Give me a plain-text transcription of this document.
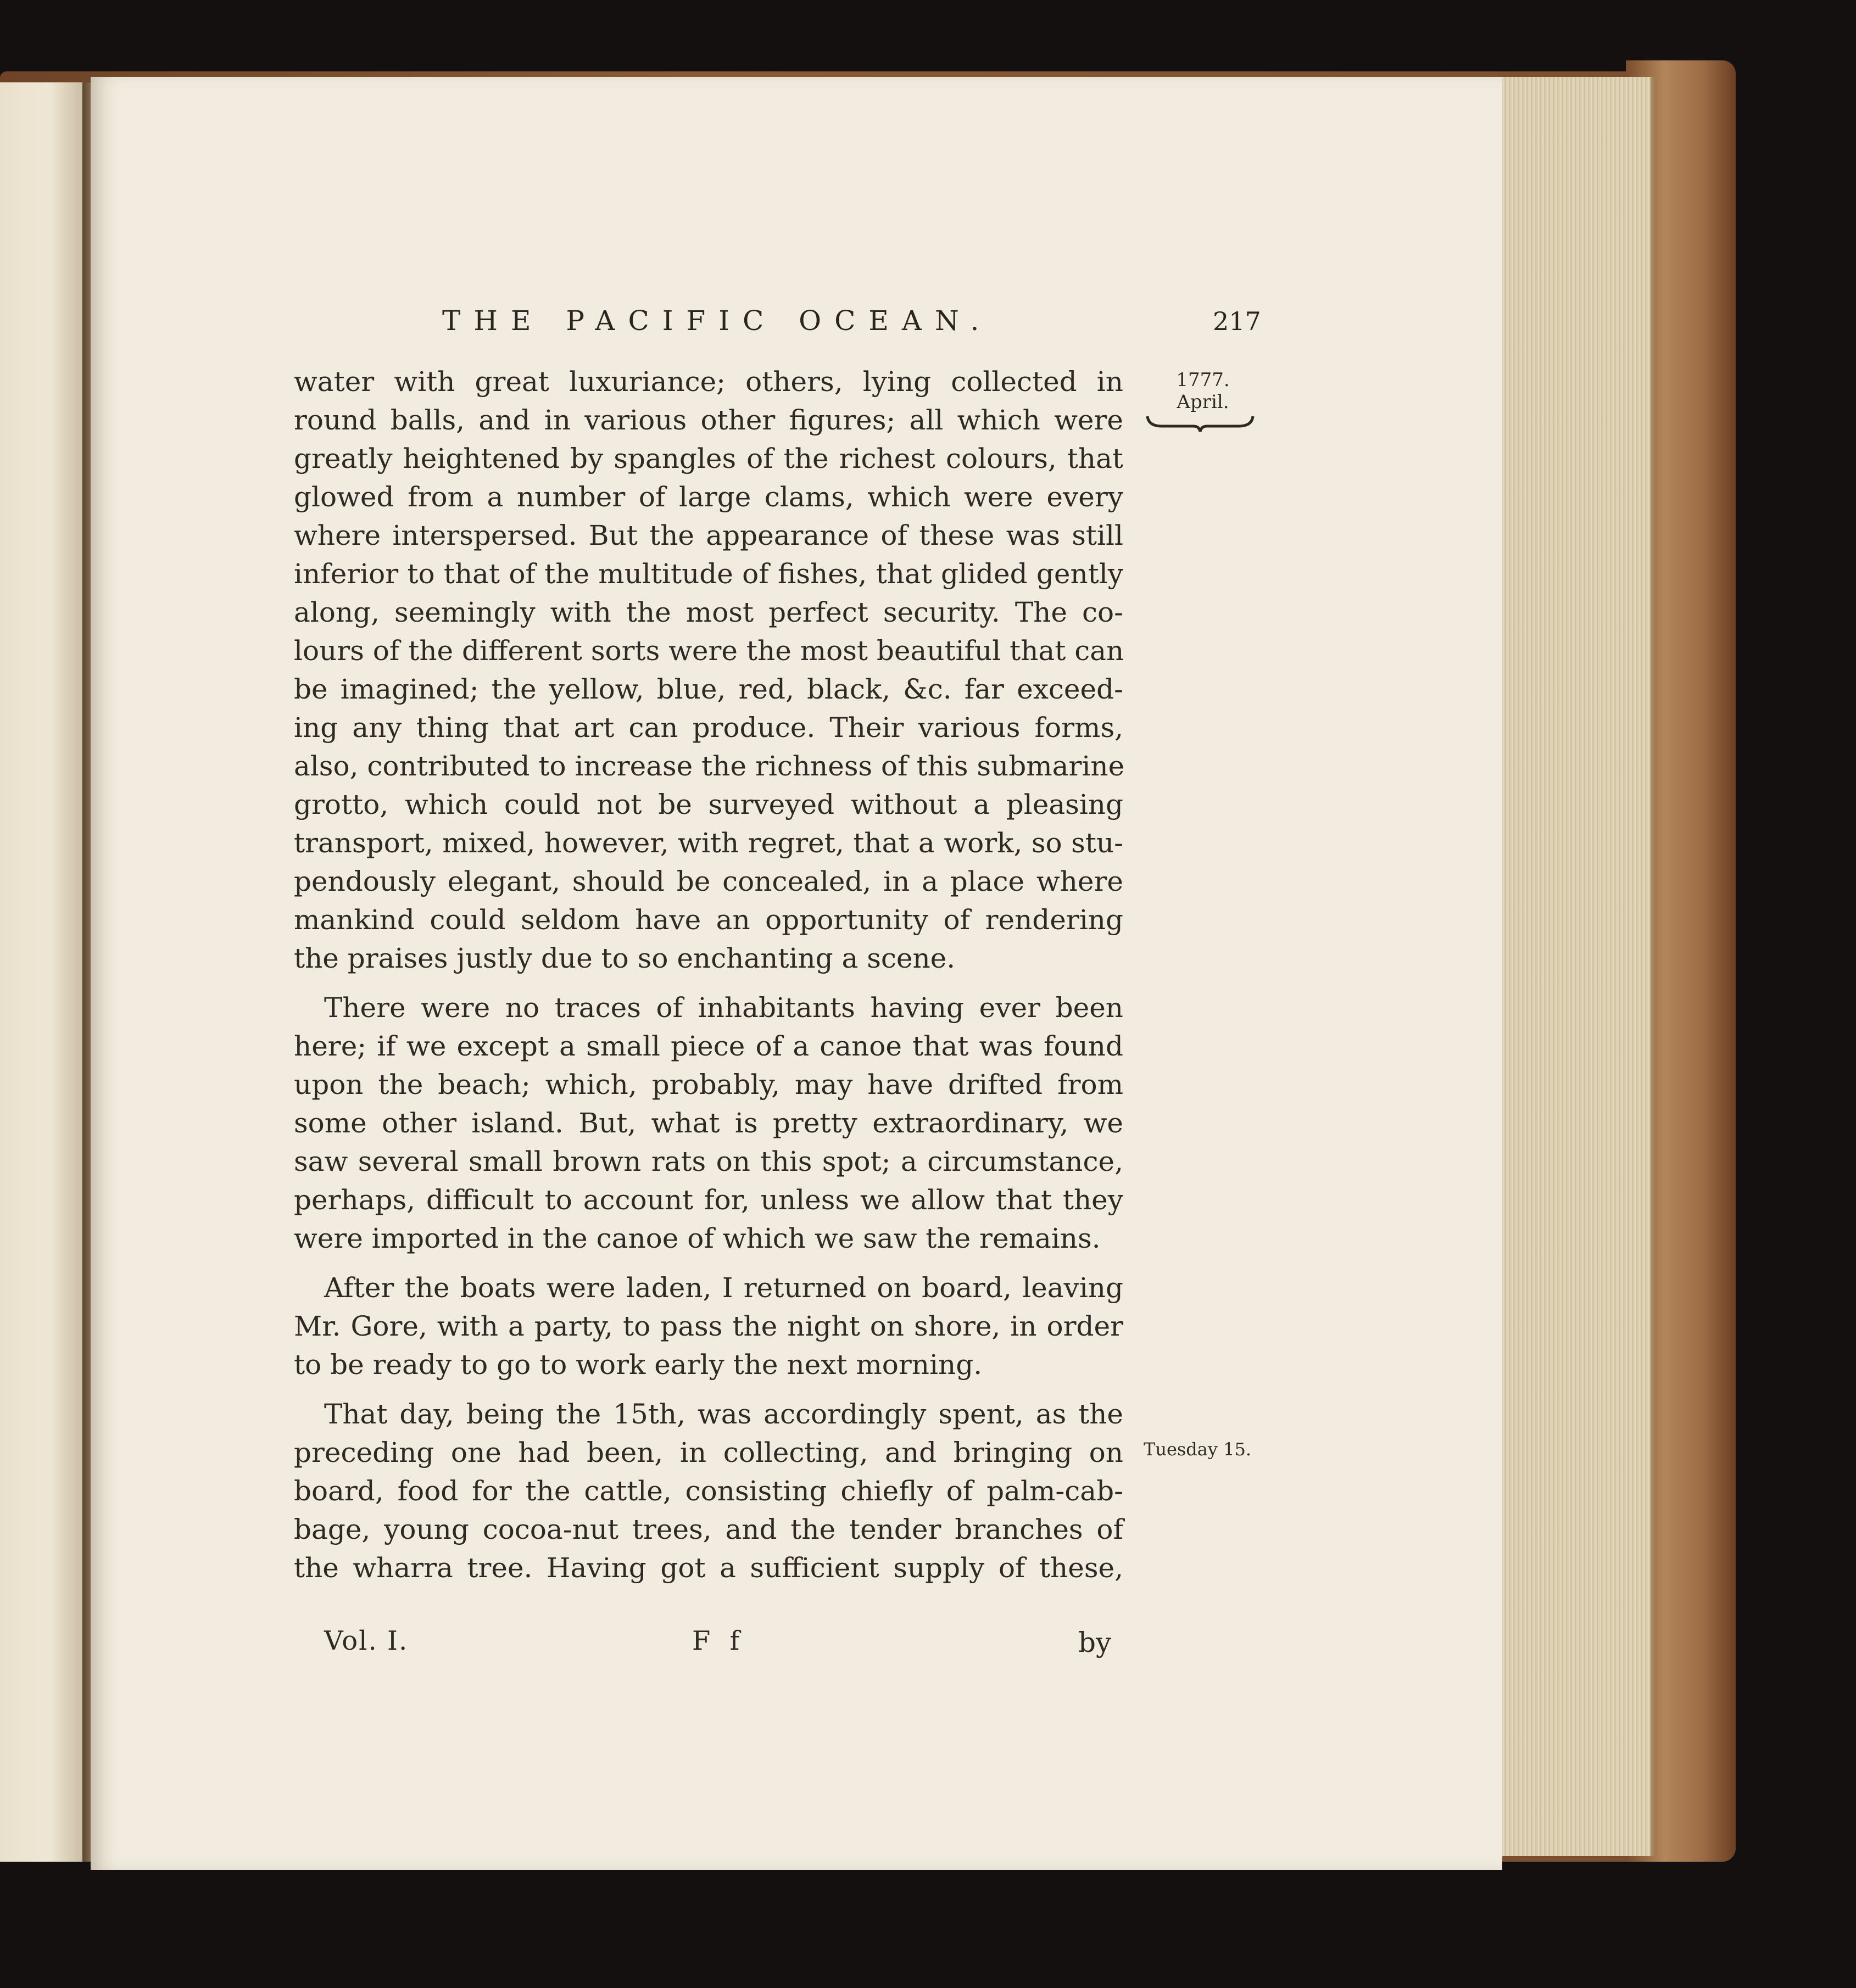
THE PACIFIC OCEAN.	217
1777.
April.
Tuesday 15.
water with great luxuriance; others, lying collected in
round balls, and in various other figures; all which were
greatly heightened by spangles of the richest colours, that
glowed from a number of large clams, which were every
where interspersed. But the appearance of these was still
inferior to that of the multitude of fishes, that glided gently
along, seemingly with the most perfect security. The co-
lours of the different sorts were the most beautiful that can
be imagined; the yellow, blue, red, black, &c. far exceed-
ing any thing that art can produce. Their various forms,
also, contributed to increase the richness of this submarine
grotto, which could not be surveyed without a pleasing
transport, mixed, however, with regret, that a work, so stu-
pendously elegant, should be concealed, in a place where
mankind could seldom have an opportunity of rendering
the praises justly due to so enchanting a scene.
There were no traces of inhabitants having ever been
here; if we except a small piece of a canoe that was found
upon the beach; which, probably, may have drifted from
some other island. But, what is pretty extraordinary, we
saw several small brown rats on this spot; a circumstance,
perhaps, difficult to account for, unless we allow that they
were imported in the canoe of which we saw the remains.
After the boats were laden, I returned on board, leaving
Mr. Gore, with a party, to pass the night on shore, in order
to be ready to go to work early the next morning.
That day, being the 15th, was accordingly spent, as the
preceding one had been, in collecting, and bringing on
board, food for the cattle, consisting chiefly of palm-cab-
bage, young cocoa-nut trees, and the tender branches of
the wharra tree. Having got a sufficient supply of these,
Vol. I.	F f	by
